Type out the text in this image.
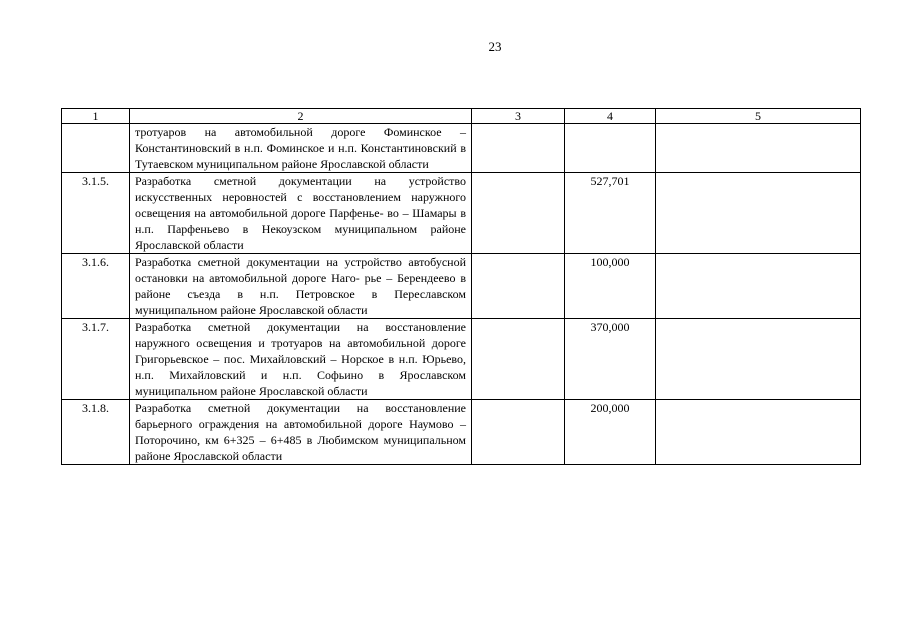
23
1	2	3	4	5
	тротуаров на автомобильной дороге Фоминское – Константиновский в н.п. Фоминское и н.п. Константиновский в Тутаевском муниципальном районе Ярославской области			
3.1.5.	Разработка сметной документации на устройство искусственных неровностей с восстановлением наружного освещения на автомобильной дороге Парфенье- во – Шамары в н.п. Парфеньево в Некоузском муниципальном районе Ярославской области		527,701	
3.1.6.	Разработка сметной документации на устройство автобусной остановки на автомобильной дороге Наго- рье – Берендеево в районе съезда в н.п. Петровское в Переславском муниципальном районе Ярославской области		100,000	
3.1.7.	Разработка сметной документации на восстановление наружного освещения и тротуаров на автомобильной дороге Григорьевское – пос. Михайловский – Норское в н.п. Юрьево, н.п. Михайловский и н.п. Софьино в Ярославском муниципальном районе Ярославской области		370,000	
3.1.8.	Разработка сметной документации на восстановление барьерного ограждения на автомобильной дороге Наумово – Поторочино, км 6+325 – 6+485 в Любимском муниципальном районе Ярославской области		200,000	
